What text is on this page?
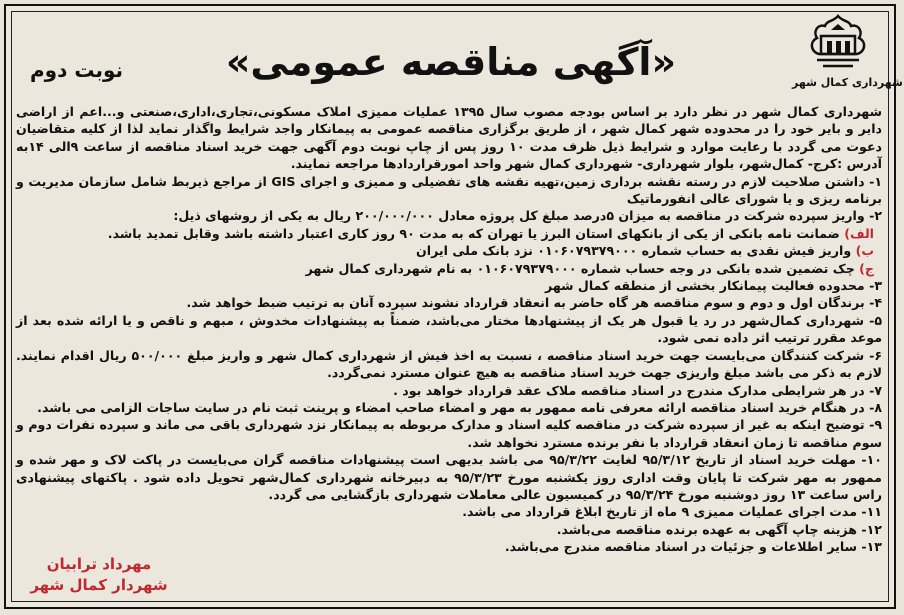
شهرداری کمال شهر
نوبت دوم	«آگهی مناقصه عمومی»

شهرداری کمال شهر در نظر دارد بر اساس بودجه مصوب سال ۱۳۹۵ عملیات ممیزی املاک مسکونی،تجاری،اداری،صنعتی و...اعم از اراضی دایر و بایر خود را در محدوده شهر کمال شهر ، از طریق برگزاری مناقصه عمومی به پیمانکار واجد شرایط واگذار نماید لذا از کلیه متقاضیان دعوت می گردد با رعایت موارد و شرایط ذیل ظرف مدت ۱۰ روز پس از چاپ نوبت دوم آگهی جهت خرید اسناد مناقصه از ساعت ۹الی ۱۴به آدرس :کرج- کمال‌شهر، بلوار شهرداری- شهرداری کمال شهر واحد امورقراردادها مراجعه نمایند.

۱- داشتن صلاحیت لازم در رسته نقشه برداری زمین،تهیه نقشه های تفضیلی و ممیزی و اجرای GIS از مراجع ذیربط شامل سازمان مدیریت و برنامه ریزی و یا شورای عالی انفورماتیک

۲- واریز سپرده شرکت در مناقصه به میزان ۵درصد مبلغ کل پروژه معادل ۲۰۰/۰۰۰/۰۰۰ ریال به یکی از روشهای ذیل:

الف) ضمانت نامه بانکی از یکی از بانکهای استان البرز یا تهران که به مدت ۹۰ روز کاری اعتبار داشته باشد وقابل تمدید باشد.

ب) واریز فیش نقدی به حساب شماره ۰۱۰۶۰۷۹۳۷۹۰۰۰ نزد بانک ملی ایران

ج) چک تضمین شده بانکی در وجه حساب شماره ۰۱۰۶۰۷۹۳۷۹۰۰۰ به نام شهرداری کمال شهر

۳- محدوده فعالیت پیمانکار بخشی از منطقه کمال شهر

۴- برندگان اول و دوم و سوم مناقصه هر گاه حاضر به انعقاد قرارداد نشوند سپرده آنان به ترتیب ضبط خواهد شد.

۵- شهرداری کمال‌شهر در رد یا قبول هر یک از پیشنهادها مختار می‌باشد، ضمناً به پیشنهادات مخدوش ، مبهم و ناقص و یا ارائه شده بعد از موعد مقرر ترتیب اثر داده نمی شود.

۶- شرکت کنندگان می‌بایست جهت خرید اسناد مناقصه ، نسبت به اخذ فیش از شهرداری کمال شهر و واریز مبلغ ۵۰۰/۰۰۰ ریال اقدام نمایند. لازم به ذکر می باشد مبلغ واریزی جهت خرید اسناد مناقصه به هیچ عنوان مسترد نمی‌گردد.

۷- در هر شرایطی مدارک مندرج در اسناد مناقصه ملاک عقد قرارداد خواهد بود .

۸- در هنگام خرید اسناد مناقصه ارائه معرفی نامه ممهور به مهر و امضاء صاحب امضاء و پرینت ثبت نام در سایت ساجات الزامی می باشد.

۹- توضیح اینکه به غیر از سپرده شرکت در مناقصه کلیه اسناد و مدارک مربوطه به پیمانکار نزد شهرداری باقی می ماند و سپرده نفرات دوم و سوم مناقصه تا زمان انعقاد قرارداد با نفر برنده مسترد نخواهد شد.

۱۰- مهلت خرید اسناد از تاریخ ۹۵/۳/۱۲ لغایت ۹۵/۳/۲۲ می باشد بدیهی است پیشنهادات مناقصه گران می‌بایست در پاکت لاک و مهر شده و ممهور به مهر شرکت تا پایان وقت اداری روز یکشنبه مورخ ۹۵/۳/۲۳ به دبیرخانه شهرداری کمال‌شهر تحویل داده شود . پاکتهای پیشنهادی راس ساعت ۱۳ روز دوشنبه مورخ ۹۵/۳/۲۴ در کمیسیون عالی معاملات شهرداری بازگشایی می گردد.

۱۱- مدت اجرای عملیات ممیزی ۹ ماه از تاریخ ابلاغ قرارداد می باشد.

۱۲- هزینه چاپ آگهی به عهده برنده مناقصه می‌باشد.

۱۳- سایر اطلاعات و جزئیات در اسناد مناقصه مندرج می‌باشد.

مهرداد ترابیان
شهردار کمال شهر
